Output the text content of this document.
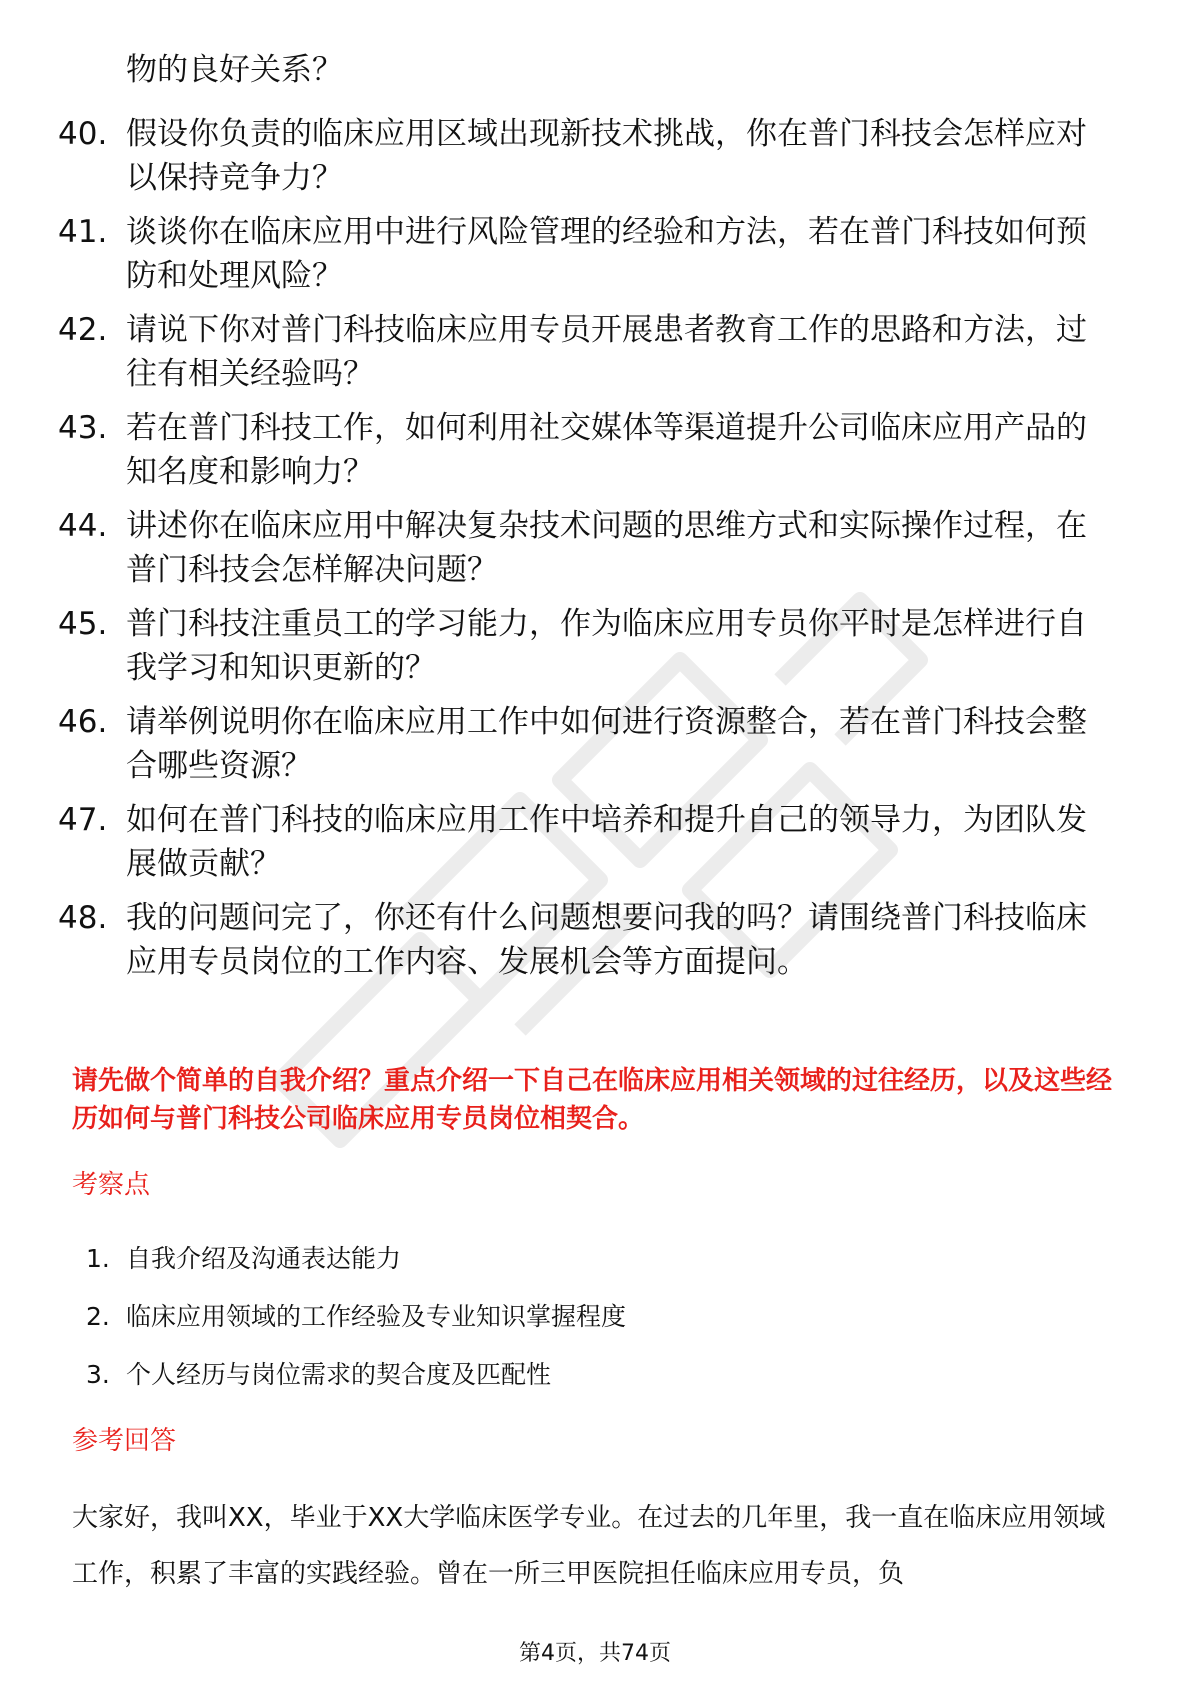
物的良好关系？
40. 假设你负责的临床应用区域出现新技术挑战，你在普门科技会怎样应对以保持竞争力？
41. 谈谈你在临床应用中进行风险管理的经验和方法，若在普门科技如何预防和处理风险？
42. 请说下你对普门科技临床应用专员开展患者教育工作的思路和方法，过往有相关经验吗？
43. 若在普门科技工作，如何利用社交媒体等渠道提升公司临床应用产品的知名度和影响力？
44. 讲述你在临床应用中解决复杂技术问题的思维方式和实际操作过程，在普门科技会怎样解决问题？
45. 普门科技注重员工的学习能力，作为临床应用专员你平时是怎样进行自我学习和知识更新的？
46. 请举例说明你在临床应用工作中如何进行资源整合，若在普门科技会整合哪些资源？
47. 如何在普门科技的临床应用工作中培养和提升自己的领导力，为团队发展做贡献？
48. 我的问题问完了，你还有什么问题想要问我的吗？请围绕普门科技临床应用专员岗位的工作内容、发展机会等方面提问。
请先做个简单的自我介绍？重点介绍一下自己在临床应用相关领域的过往经历，以及这些经历如何与普门科技公司临床应用专员岗位相契合。
考察点
1. 自我介绍及沟通表达能力
2. 临床应用领域的工作经验及专业知识掌握程度
3. 个人经历与岗位需求的契合度及匹配性
参考回答
大家好，我叫XX，毕业于XX大学临床医学专业。在过去的几年里，我一直在临床应用领域工作，积累了丰富的实践经验。曾在一所三甲医院担任临床应用专员，负
第4页，共74页
